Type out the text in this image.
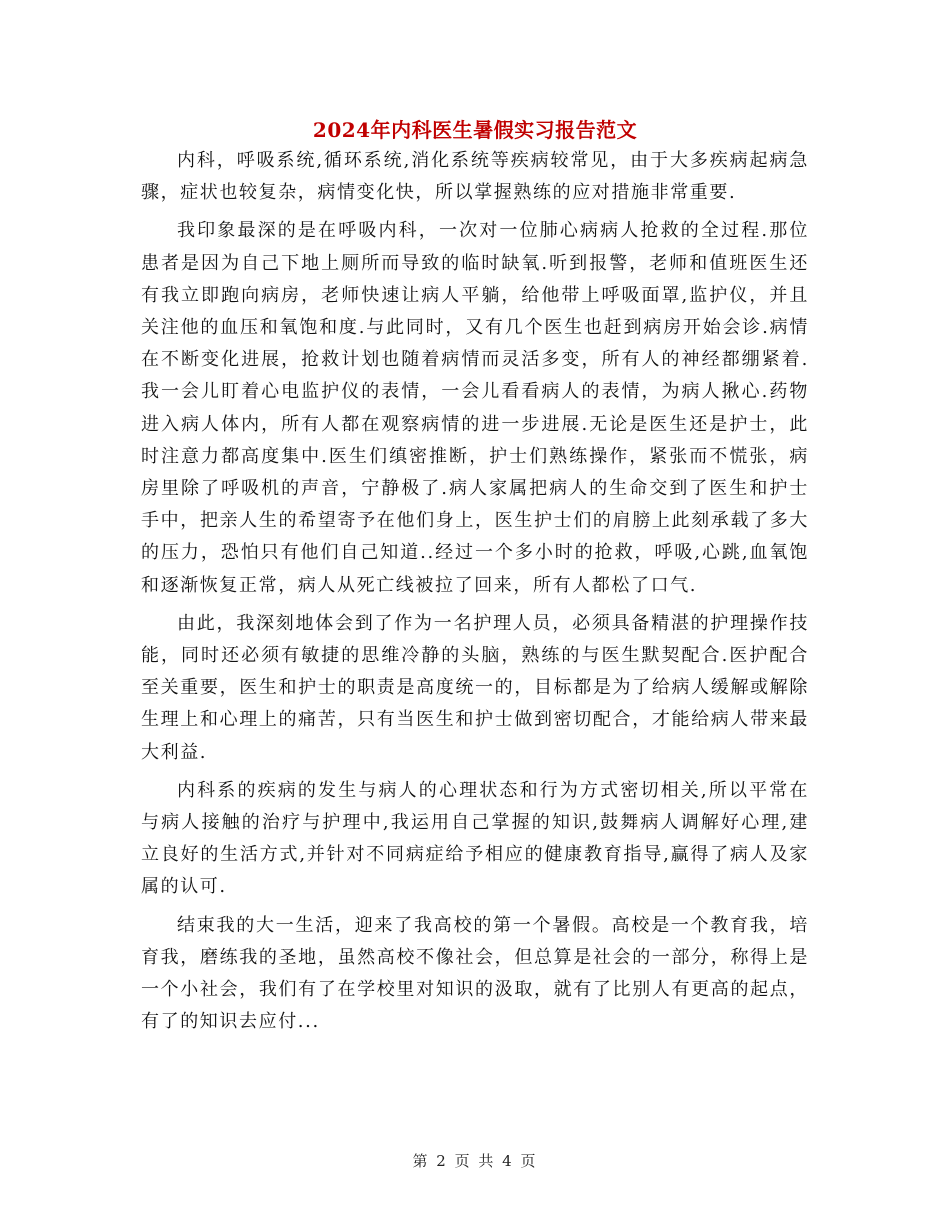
2024年内科医生暑假实习报告范文

内科，呼吸系统,循环系统,消化系统等疾病较常见，由于大多疾病起病急骤，症状也较复杂，病情变化快，所以掌握熟练的应对措施非常重要.

我印象最深的是在呼吸内科，一次对一位肺心病病人抢救的全过程.那位患者是因为自己下地上厕所而导致的临时缺氧.听到报警，老师和值班医生还有我立即跑向病房，老师快速让病人平躺，给他带上呼吸面罩,监护仪，并且关注他的血压和氧饱和度.与此同时，又有几个医生也赶到病房开始会诊.病情在不断变化进展，抢救计划也随着病情而灵活多变，所有人的神经都绷紧着.我一会儿盯着心电监护仪的表情，一会儿看看病人的表情，为病人揪心.药物进入病人体内，所有人都在观察病情的进一步进展.无论是医生还是护士，此时注意力都高度集中.医生们缜密推断，护士们熟练操作，紧张而不慌张，病房里除了呼吸机的声音，宁静极了.病人家属把病人的生命交到了医生和护士手中，把亲人生的希望寄予在他们身上，医生护士们的肩膀上此刻承载了多大的压力，恐怕只有他们自己知道..经过一个多小时的抢救，呼吸,心跳,血氧饱和逐渐恢复正常，病人从死亡线被拉了回来，所有人都松了口气.

由此，我深刻地体会到了作为一名护理人员，必须具备精湛的护理操作技能，同时还必须有敏捷的思维冷静的头脑，熟练的与医生默契配合.医护配合至关重要，医生和护士的职责是高度统一的，目标都是为了给病人缓解或解除生理上和心理上的痛苦，只有当医生和护士做到密切配合，才能给病人带来最大利益.

内科系的疾病的发生与病人的心理状态和行为方式密切相关,所以平常在与病人接触的治疗与护理中,我运用自己掌握的知识,鼓舞病人调解好心理,建立良好的生活方式,并针对不同病症给予相应的健康教育指导,赢得了病人及家属的认可.

结束我的大一生活，迎来了我高校的第一个暑假。高校是一个教育我，培育我，磨练我的圣地，虽然高校不像社会，但总算是社会的一部分，称得上是一个小社会，我们有了在学校里对知识的汲取，就有了比别人有更高的起点，有了的知识去应付...

第 2 页 共 4 页
